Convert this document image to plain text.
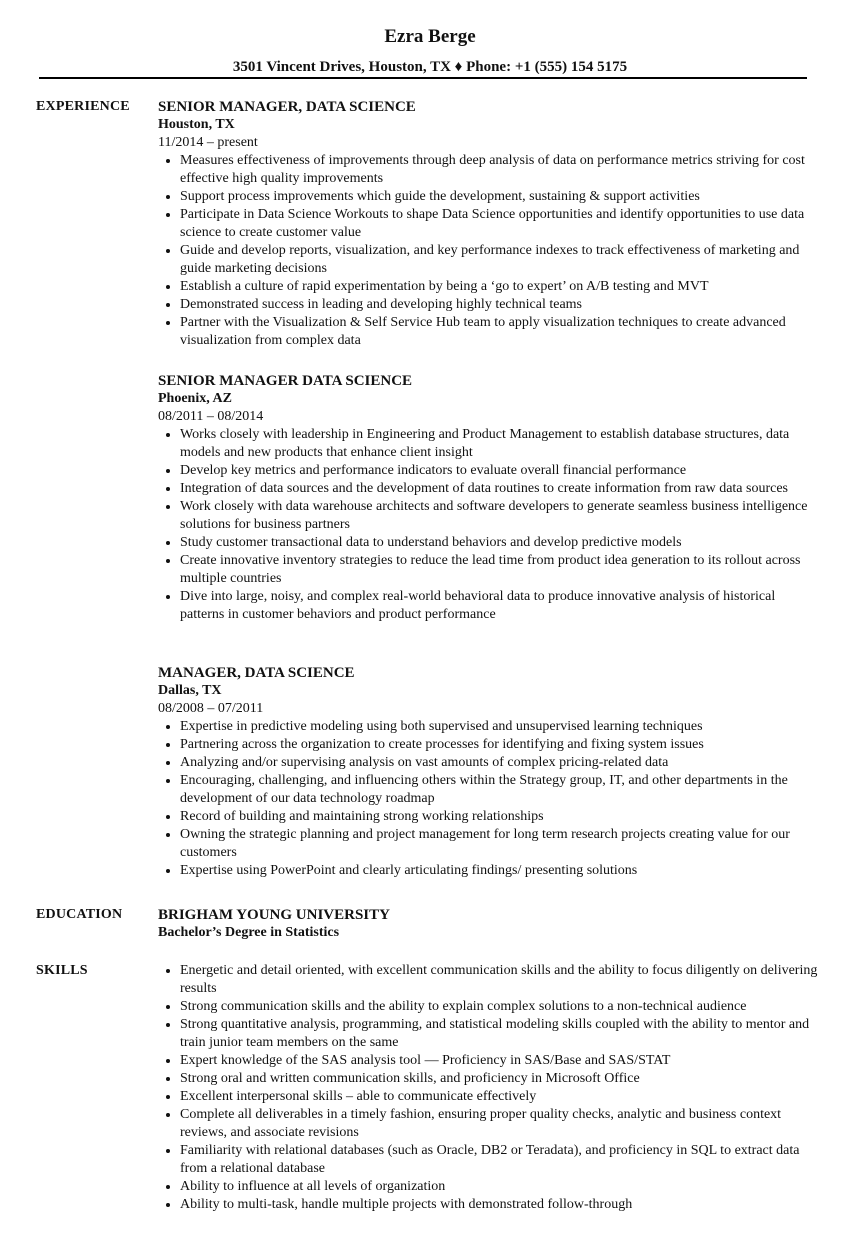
Ezra Berge
3501 Vincent Drives, Houston, TX ♦ Phone: +1 (555) 154 5175
EXPERIENCE SENIOR MANAGER, DATA SCIENCE
Houston, TX
11/2014 – present
• Measures effectiveness of improvements through deep analysis of data on performance metrics striving for cost effective high quality improvements
• Support process improvements which guide the development, sustaining & support activities
• Participate in Data Science Workouts to shape Data Science opportunities and identify opportunities to use data science to create customer value
• Guide and develop reports, visualization, and key performance indexes to track effectiveness of marketing and guide marketing decisions
• Establish a culture of rapid experimentation by being a ‘go to expert’ on A/B testing and MVT
• Demonstrated success in leading and developing highly technical teams
• Partner with the Visualization & Self Service Hub team to apply visualization techniques to create advanced visualization from complex data
SENIOR MANAGER DATA SCIENCE
Phoenix, AZ
08/2011 – 08/2014
• Works closely with leadership in Engineering and Product Management to establish database structures, data models and new products that enhance client insight
• Develop key metrics and performance indicators to evaluate overall financial performance
• Integration of data sources and the development of data routines to create information from raw data sources
• Work closely with data warehouse architects and software developers to generate seamless business intelligence solutions for business partners
• Study customer transactional data to understand behaviors and develop predictive models
• Create innovative inventory strategies to reduce the lead time from product idea generation to its rollout across multiple countries
• Dive into large, noisy, and complex real-world behavioral data to produce innovative analysis of historical patterns in customer behaviors and product performance
MANAGER, DATA SCIENCE
Dallas, TX
08/2008 – 07/2011
• Expertise in predictive modeling using both supervised and unsupervised learning techniques
• Partnering across the organization to create processes for identifying and fixing system issues
• Analyzing and/or supervising analysis on vast amounts of complex pricing-related data
• Encouraging, challenging, and influencing others within the Strategy group, IT, and other departments in the development of our data technology roadmap
• Record of building and maintaining strong working relationships
• Owning the strategic planning and project management for long term research projects creating value for our customers
• Expertise using PowerPoint and clearly articulating findings/ presenting solutions
EDUCATION BRIGHAM YOUNG UNIVERSITY
Bachelor’s Degree in Statistics
SKILLS
•	Energetic and detail oriented, with excellent communication skills and the ability to focus diligently on delivering results
• Strong communication skills and the ability to explain complex solutions to a non-technical audience
• Strong quantitative analysis, programming, and statistical modeling skills coupled with the ability to mentor and train junior team members on the same
• Expert knowledge of the SAS analysis tool — Proficiency in SAS/Base and SAS/STAT
• Strong oral and written communication skills, and proficiency in Microsoft Office
• Excellent interpersonal skills – able to communicate effectively
• Complete all deliverables in a timely fashion, ensuring proper quality checks, analytic and business context reviews, and associate revisions
• Familiarity with relational databases (such as Oracle, DB2 or Teradata), and proficiency in SQL to extract data from a relational database
• Ability to influence at all levels of organization
• Ability to multi-task, handle multiple projects with demonstrated follow-through
